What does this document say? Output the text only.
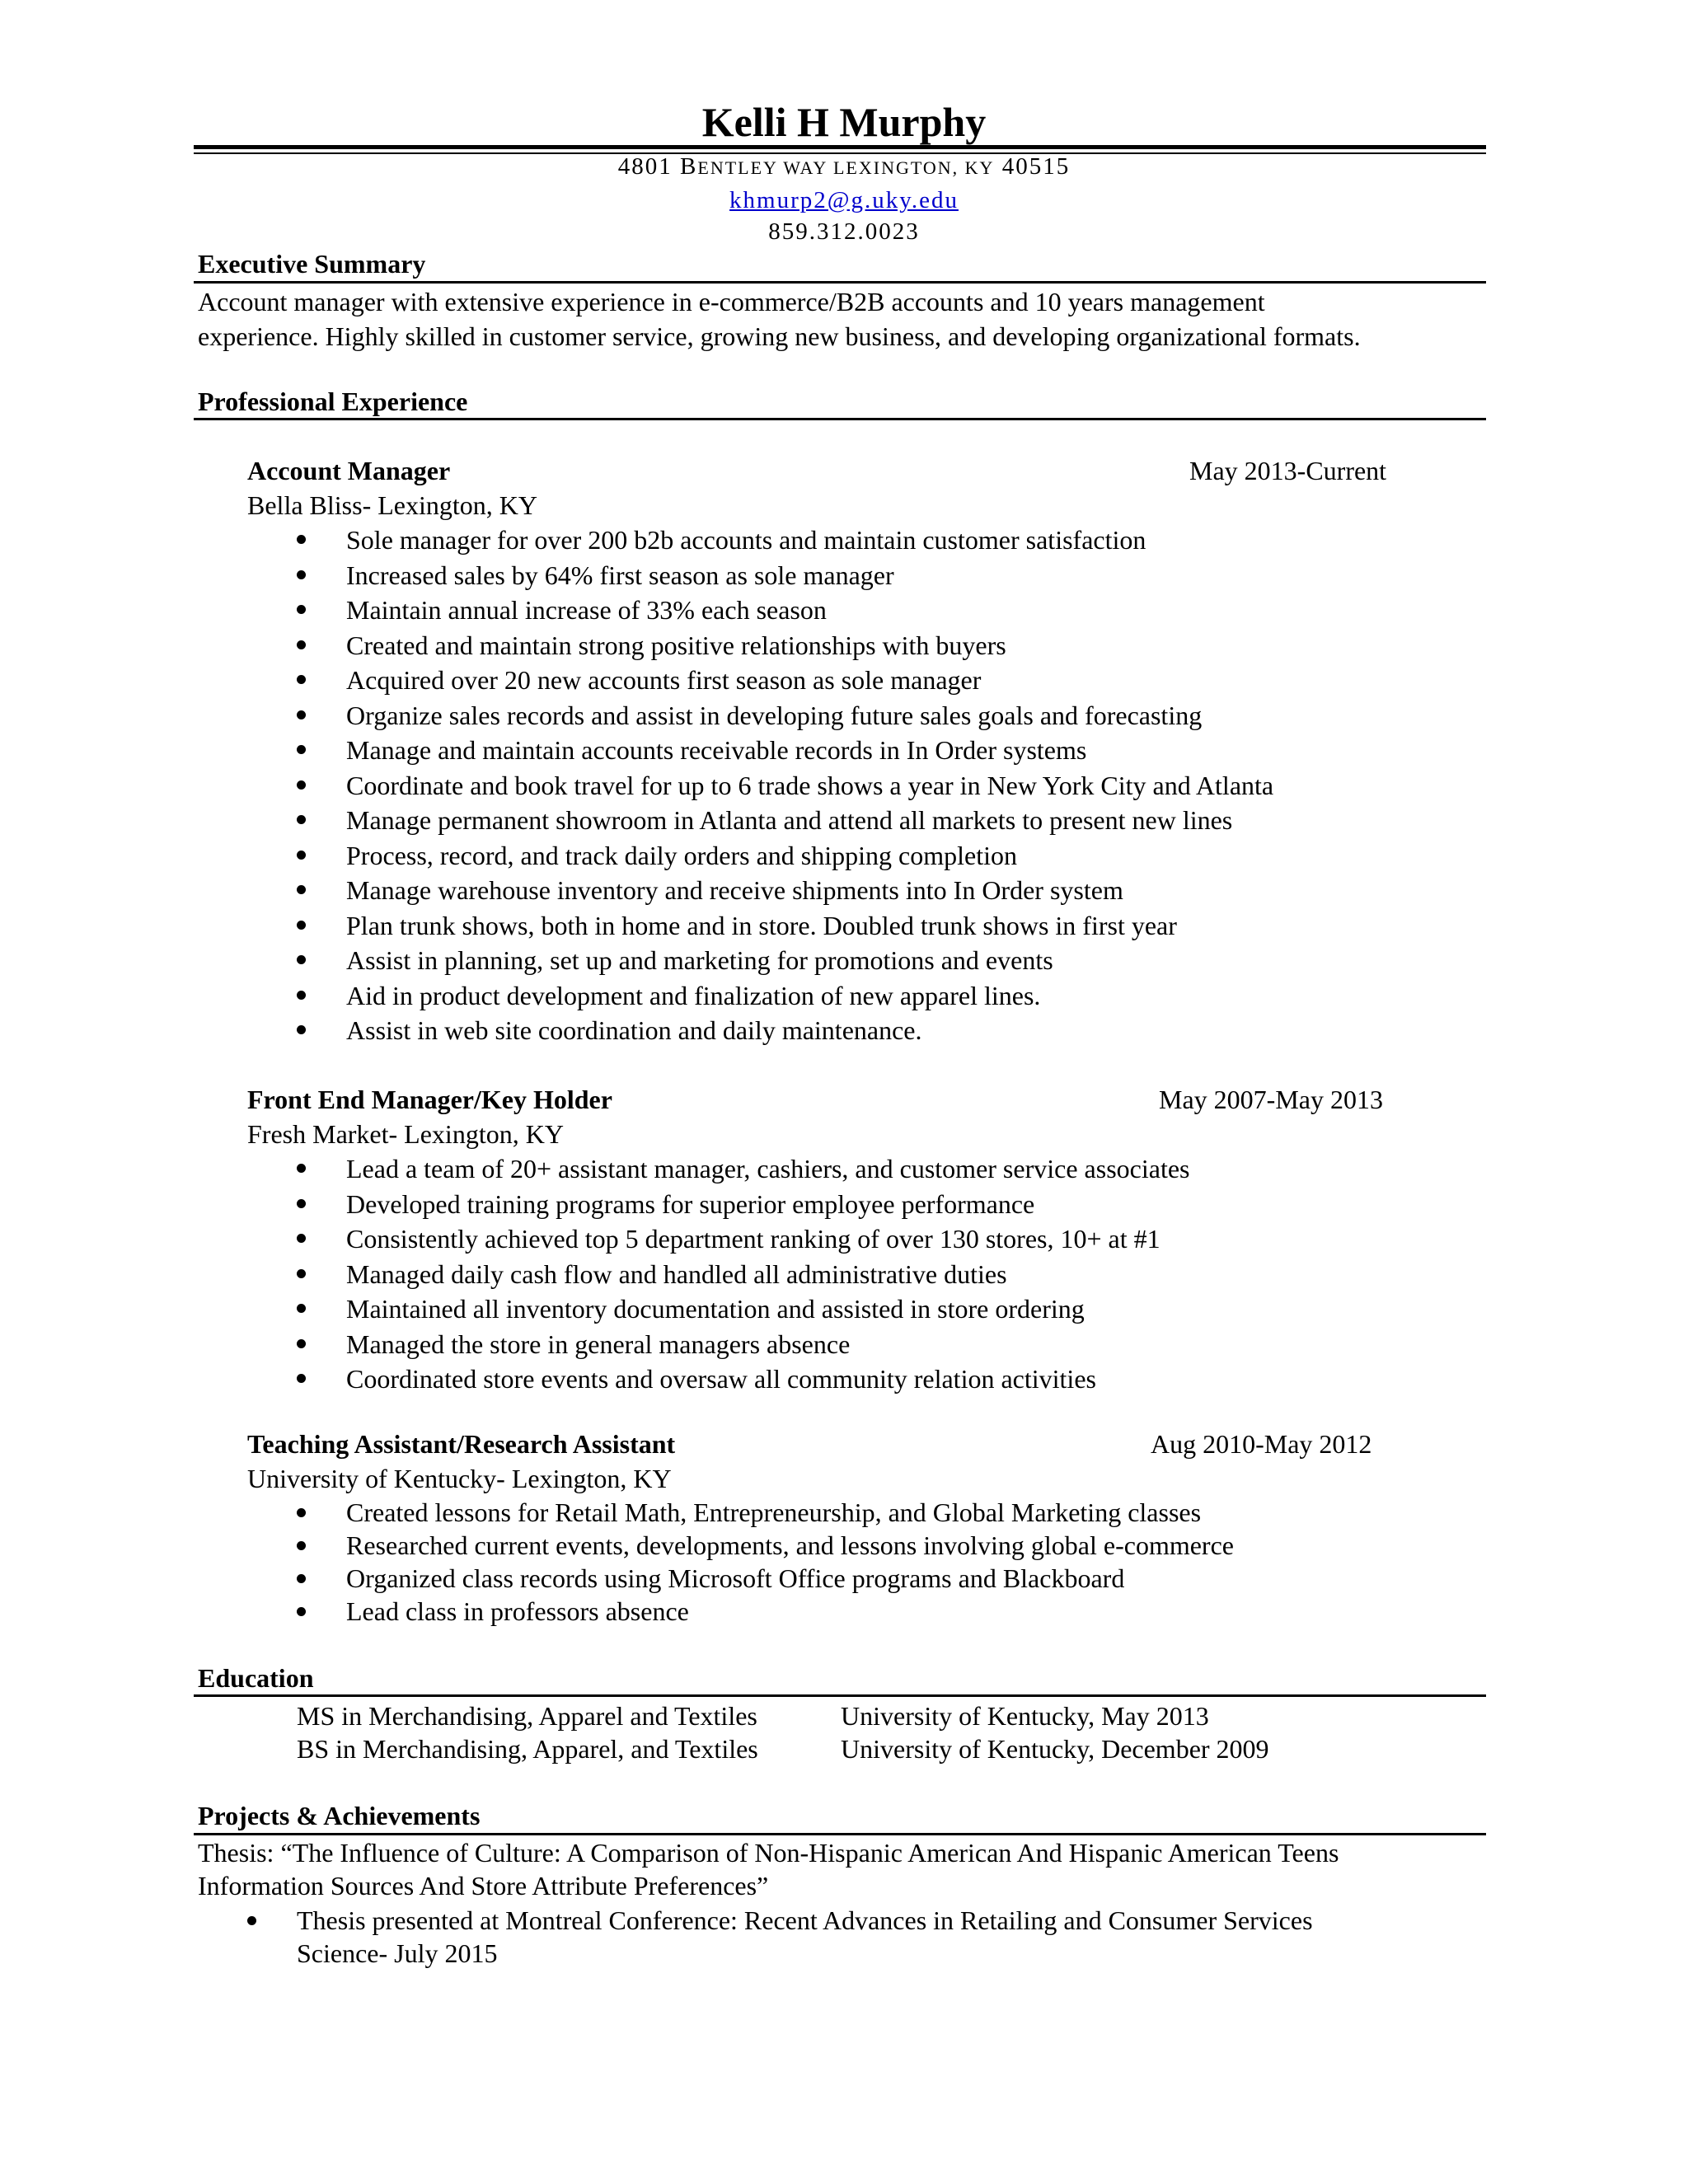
Kelli H Murphy
4801 BENTLEY WAY LEXINGTON, KY 40515
khmurp2@g.uky.edu
859.312.0023
Executive Summary
Account manager with extensive experience in e-commerce/B2B accounts and 10 years management
experience. Highly skilled in customer service, growing new business, and developing organizational formats.
Professional Experience
Account Manager	May 2013-Current
Bella Bliss- Lexington, KY
Sole manager for over 200 b2b accounts and maintain customer satisfaction
Increased sales by 64% first season as sole manager
Maintain annual increase of 33% each season
Created and maintain strong positive relationships with buyers
Acquired over 20 new accounts first season as sole manager
Organize sales records and assist in developing future sales goals and forecasting
Manage and maintain accounts receivable records in In Order systems
Coordinate and book travel for up to 6 trade shows a year in New York City and Atlanta
Manage permanent showroom in Atlanta and attend all markets to present new lines
Process, record, and track daily orders and shipping completion
Manage warehouse inventory and receive shipments into In Order system
Plan trunk shows, both in home and in store. Doubled trunk shows in first year
Assist in planning, set up and marketing for promotions and events
Aid in product development and finalization of new apparel lines.
Assist in web site coordination and daily maintenance.
Front End Manager/Key Holder	May 2007-May 2013
Fresh Market- Lexington, KY
Lead a team of 20+ assistant manager, cashiers, and customer service associates
Developed training programs for superior employee performance
Consistently achieved top 5 department ranking of over 130 stores, 10+ at #1
Managed daily cash flow and handled all administrative duties
Maintained all inventory documentation and assisted in store ordering
Managed the store in general managers absence
Coordinated store events and oversaw all community relation activities
Teaching Assistant/Research Assistant	Aug 2010-May 2012
University of Kentucky- Lexington, KY
Created lessons for Retail Math, Entrepreneurship, and Global Marketing classes
Researched current events, developments, and lessons involving global e-commerce
Organized class records using Microsoft Office programs and Blackboard
Lead class in professors absence
Education
MS in Merchandising, Apparel and Textiles	University of Kentucky, May 2013
BS in Merchandising, Apparel, and Textiles	University of Kentucky, December 2009
Projects & Achievements
Thesis: “The Influence of Culture: A Comparison of Non-Hispanic American And Hispanic American Teens
Information Sources And Store Attribute Preferences”
Thesis presented at Montreal Conference: Recent Advances in Retailing and Consumer Services
Science- July 2015
